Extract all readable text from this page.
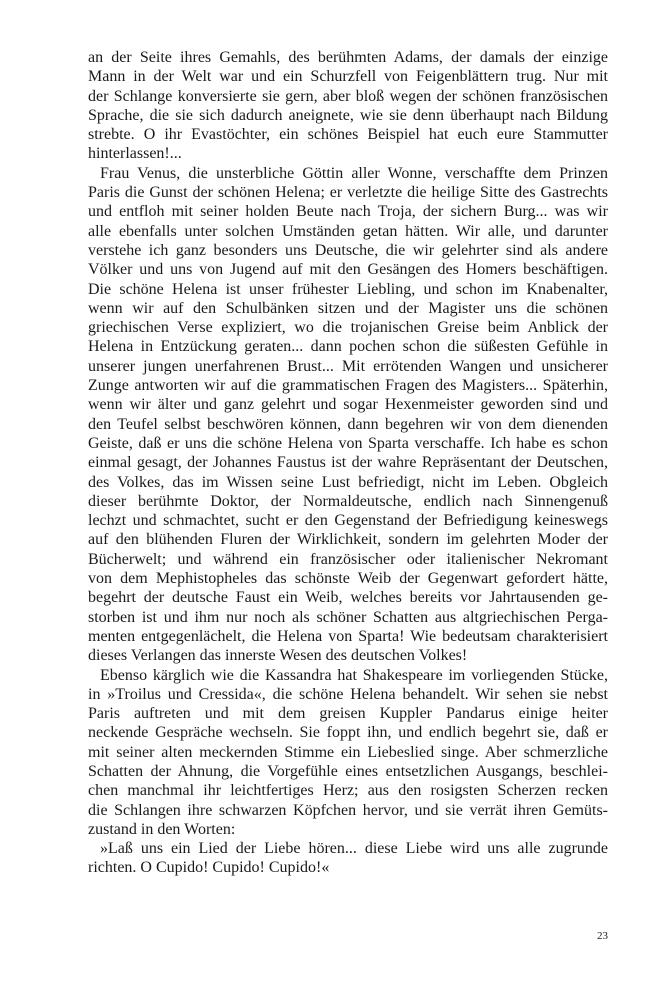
an der Seite ihres Gemahls, des berühmten Adams, der damals der einzige
Mann in der Welt war und ein Schurzfell von Feigenblättern trug. Nur mit
der Schlange konversierte sie gern, aber bloß wegen der schönen französischen
Sprache, die sie sich dadurch aneignete, wie sie denn überhaupt nach Bildung
strebte. O ihr Evastöchter, ein schönes Beispiel hat euch eure Stammutter
hinterlassen!...
Frau Venus, die unsterbliche Göttin aller Wonne, verschaffte dem Prinzen
Paris die Gunst der schönen Helena; er verletzte die heilige Sitte des Gastrechts
und entfloh mit seiner holden Beute nach Troja, der sichern Burg... was wir
alle ebenfalls unter solchen Umständen getan hätten. Wir alle, und darunter
verstehe ich ganz besonders uns Deutsche, die wir gelehrter sind als andere
Völker und uns von Jugend auf mit den Gesängen des Homers beschäftigen.
Die schöne Helena ist unser frühester Liebling, und schon im Knabenalter,
wenn wir auf den Schulbänken sitzen und der Magister uns die schönen
griechischen Verse expliziert, wo die trojanischen Greise beim Anblick der
Helena in Entzückung geraten... dann pochen schon die süßesten Gefühle in
unserer jungen unerfahrenen Brust... Mit errötenden Wangen und unsicherer
Zunge antworten wir auf die grammatischen Fragen des Magisters... Späterhin,
wenn wir älter und ganz gelehrt und sogar Hexenmeister geworden sind und
den Teufel selbst beschwören können, dann begehren wir von dem dienenden
Geiste, daß er uns die schöne Helena von Sparta verschaffe. Ich habe es schon
einmal gesagt, der Johannes Faustus ist der wahre Repräsentant der Deutschen,
des Volkes, das im Wissen seine Lust befriedigt, nicht im Leben. Obgleich
dieser berühmte Doktor, der Normaldeutsche, endlich nach Sinnengenuß
lechzt und schmachtet, sucht er den Gegenstand der Befriedigung keineswegs
auf den blühenden Fluren der Wirklichkeit, sondern im gelehrten Moder der
Bücherwelt; und während ein französischer oder italienischer Nekromant
von dem Mephistopheles das schönste Weib der Gegenwart gefordert hätte,
begehrt der deutsche Faust ein Weib, welches bereits vor Jahrtausenden ge-
storben ist und ihm nur noch als schöner Schatten aus altgriechischen Perga-
menten entgegenlächelt, die Helena von Sparta! Wie bedeutsam charakterisiert
dieses Verlangen das innerste Wesen des deutschen Volkes!
Ebenso kärglich wie die Kassandra hat Shakespeare im vorliegenden Stücke,
in »Troilus und Cressida«, die schöne Helena behandelt. Wir sehen sie nebst
Paris auftreten und mit dem greisen Kuppler Pandarus einige heiter
neckende Gespräche wechseln. Sie foppt ihn, und endlich begehrt sie, daß er
mit seiner alten meckernden Stimme ein Liebeslied singe. Aber schmerzliche
Schatten der Ahnung, die Vorgefühle eines entsetzlichen Ausgangs, beschlei-
chen manchmal ihr leichtfertiges Herz; aus den rosigsten Scherzen recken
die Schlangen ihre schwarzen Köpfchen hervor, und sie verrät ihren Gemüts-
zustand in den Worten:
»Laß uns ein Lied der Liebe hören... diese Liebe wird uns alle zugrunde
richten. O Cupido! Cupido! Cupido!«
23
